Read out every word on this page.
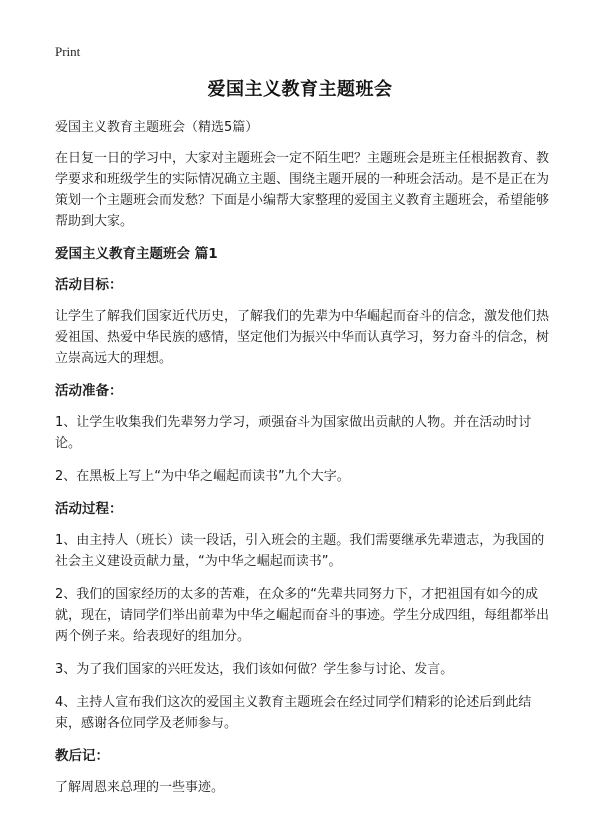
Print
爱国主义教育主题班会

爱国主义教育主题班会（精选5篇）

在日复一日的学习中，大家对主题班会一定不陌生吧？主题班会是班主任根据教育、教学要求和班级学生的实际情况确立主题、围绕主题开展的一种班会活动。是不是正在为策划一个主题班会而发愁？下面是小编帮大家整理的爱国主义教育主题班会，希望能够帮助到大家。

爱国主义教育主题班会 篇1

活动目标：

让学生了解我们国家近代历史，了解我们的先辈为中华崛起而奋斗的信念，激发他们热爱祖国、热爱中华民族的感情，坚定他们为振兴中华而认真学习，努力奋斗的信念，树立崇高远大的理想。

活动准备：

1、让学生收集我们先辈努力学习，顽强奋斗为国家做出贡献的人物。并在活动时讨论。

2、在黑板上写上“为中华之崛起而读书”九个大字。

活动过程：

1、由主持人（班长）读一段话，引入班会的主题。我们需要继承先辈遗志，为我国的社会主义建设贡献力量，“为中华之崛起而读书”。

2、我们的国家经历的太多的苦难，在众多的“先辈共同努力下，才把祖国有如今的成就，现在，请同学们举出前辈为中华之崛起而奋斗的事迹。学生分成四组，每组都举出两个例子来。给表现好的组加分。

3、为了我们国家的兴旺发达，我们该如何做？学生参与讨论、发言。

4、主持人宣布我们这次的爱国主义教育主题班会在经过同学们精彩的论述后到此结束，感谢各位同学及老师参与。

教后记：

了解周恩来总理的一些事迹。
